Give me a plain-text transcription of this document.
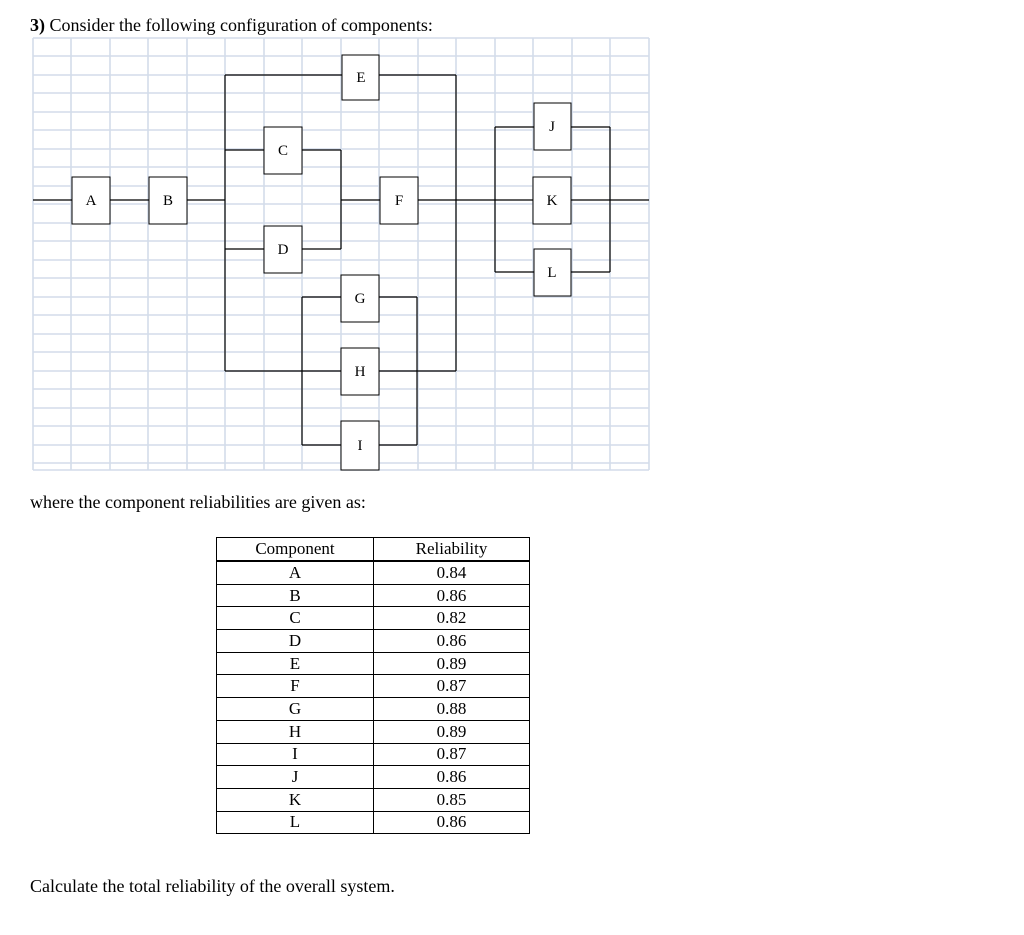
3) Consider the following configuration of components:
A	B
C
D
E
F
G
H
I
J
K
L
where the component reliabilities are given as:
Component	Reliability
A	0.84
B	0.86
C	0.82
D	0.86
E	0.89
F	0.87
G	0.88
H	0.89
I	0.87
J	0.86
K	0.85
L	0.86
Calculate the total reliability of the overall system.
